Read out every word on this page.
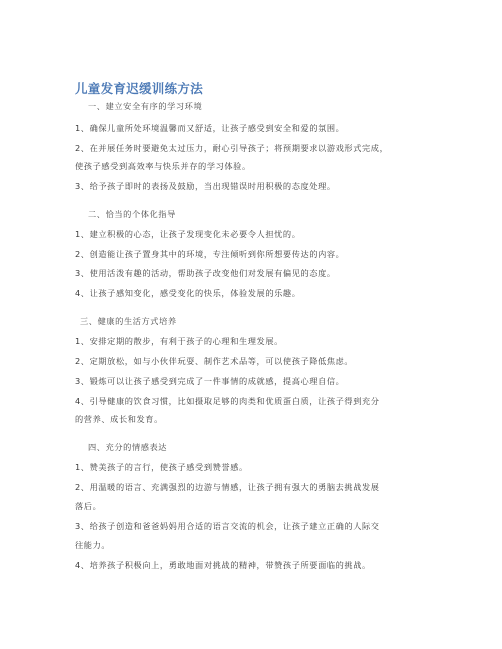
儿童发育迟缓训练方法
一、建立安全有序的学习环境
1、确保儿童所处环境温馨而又舒适，让孩子感受到安全和爱的氛围。
2、在并展任务时要避免太过压力，耐心引导孩子；将预期要求以游戏形式完成，
使孩子感受到高效率与快乐并存的学习体验。
3、给予孩子即时的表扬及鼓励，当出现错误时用积极的态度处理。
二、恰当的个体化指导
1、建立积极的心态，让孩子发现变化未必要令人担忧的。
2、创造能让孩子置身其中的环境，专注倾听到你所想要传达的内容。
3、使用活泼有趣的活动，帮助孩子改变他们对发展有偏见的态度。
4、让孩子感知变化，感受变化的快乐，体验发展的乐趣。
三、健康的生活方式培养
1、安排定期的散步，有利于孩子的心理和生理发展。
2、定期放松，如与小伙伴玩耍、制作艺术品等，可以使孩子降低焦虑。
3、锻炼可以让孩子感受到完成了一件事情的成就感，提高心理自信。
4、引导健康的饮食习惯，比如摄取足够的肉类和优质蛋白质，让孩子得到充分
的营养、成长和发育。
四、充分的情感表达
1、赞美孩子的言行，使孩子感受到赞誉感。
2、用温暖的语言、充满强烈的边游与情感，让孩子拥有强大的勇脑去挑战发展
落后。
3、给孩子创造和爸爸妈妈用合适的语言交流的机会，让孩子建立正确的人际交
往能力。
4、培养孩子积极向上，勇敢地面对挑战的精神，带赞孩子所要面临的挑战。
